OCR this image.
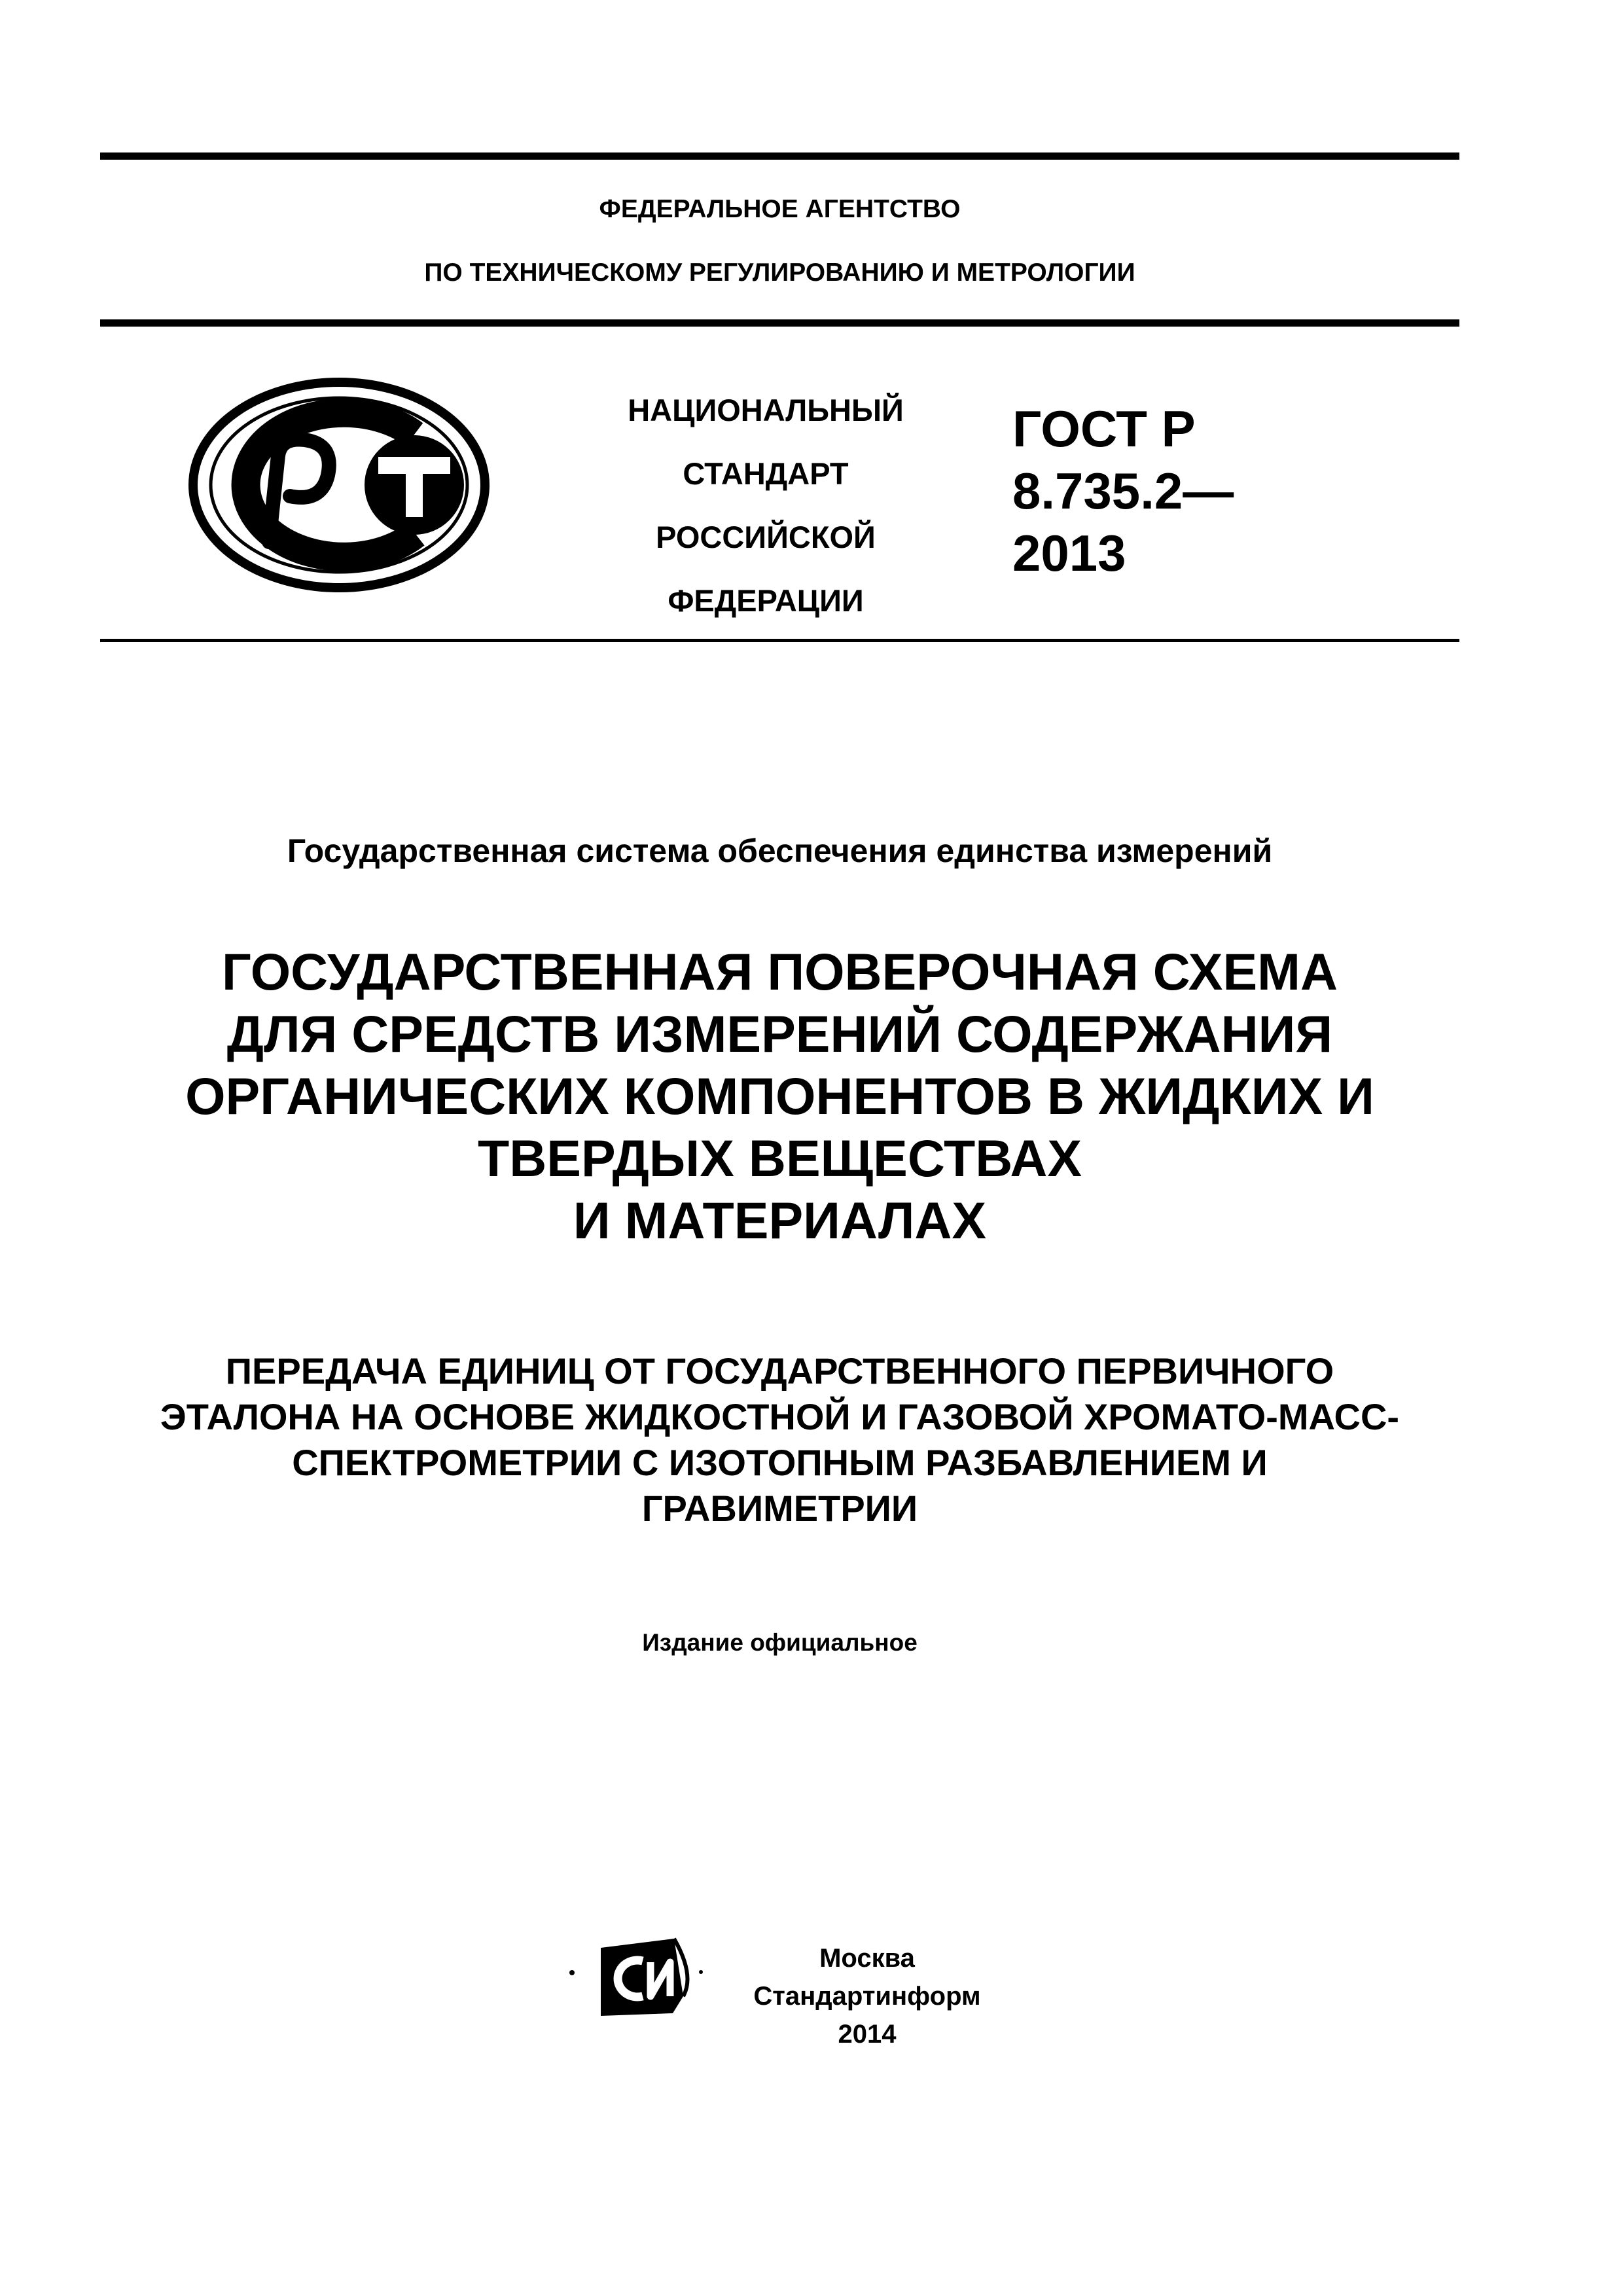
ФЕДЕРАЛЬНОЕ АГЕНТСТВО
ПО ТЕХНИЧЕСКОМУ РЕГУЛИРОВАНИЮ И МЕТРОЛОГИИ
НАЦИОНАЛЬНЫЙ
СТАНДАРТ
РОССИЙСКОЙ
ФЕДЕРАЦИИ
ГОСТ Р
8.735.2—
2013
Государственная система обеспечения единства измерений
ГОСУДАРСТВЕННАЯ ПОВЕРОЧНАЯ СХЕМА
ДЛЯ СРЕДСТВ ИЗМЕРЕНИЙ СОДЕРЖАНИЯ
ОРГАНИЧЕСКИХ КОМПОНЕНТОВ В ЖИДКИХ И
ТВЕРДЫХ ВЕЩЕСТВАХ
И МАТЕРИАЛАХ
ПЕРЕДАЧА ЕДИНИЦ ОТ ГОСУДАРСТВЕННОГО ПЕРВИЧНОГО
ЭТАЛОНА НА ОСНОВЕ ЖИДКОСТНОЙ И ГАЗОВОЙ ХРОМАТО-МАСС-
СПЕКТРОМЕТРИИ С ИЗОТОПНЫМ РАЗБАВЛЕНИЕМ И
ГРАВИМЕТРИИ
Издание официальное
Москва
Стандартинформ
2014
